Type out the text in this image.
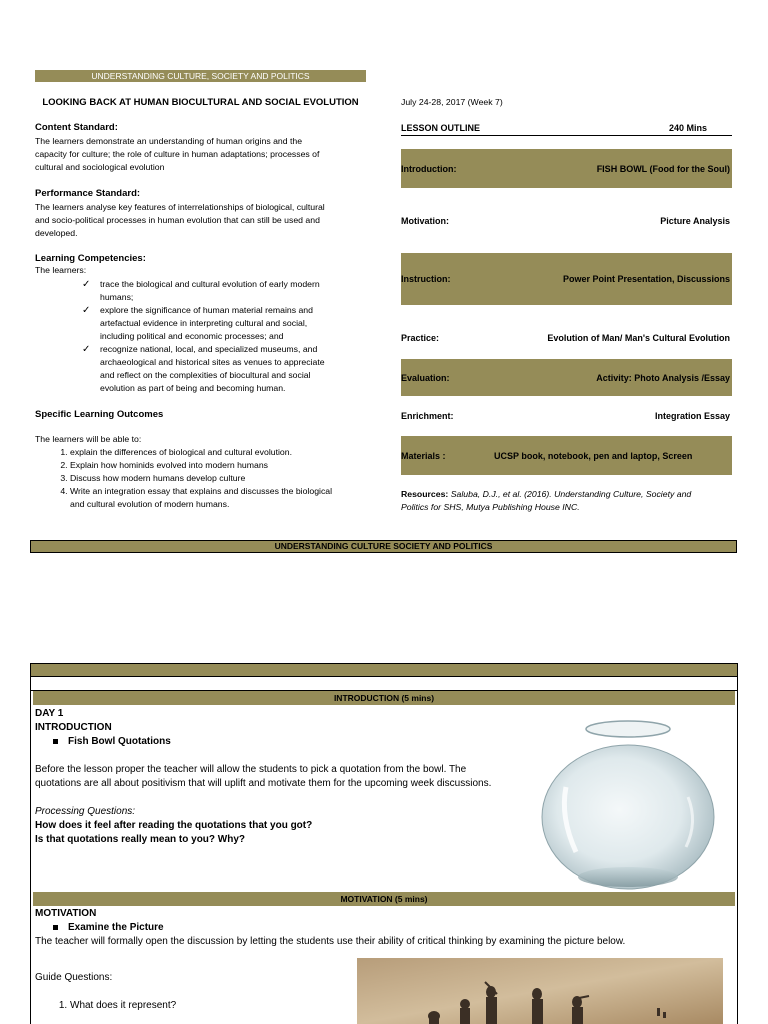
UNDERSTANDING CULTURE, SOCIETY AND POLITICS
LOOKING BACK AT HUMAN BIOCULTURAL AND SOCIAL EVOLUTION
Content Standard:
The learners demonstrate an understanding of human origins and the
capacity for culture; the role of culture in human adaptations; processes of
cultural and sociological evolution
Performance Standard:
The learners analyse key features of interrelationships of biological, cultural
and socio-political processes in human evolution that can still be used and
developed.
Learning Competencies:
The learners:
✓ trace the biological and cultural evolution of early modern
humans;
✓ explore the significance of human material remains and
artefactual evidence in interpreting cultural and social,
including political and economic processes; and
✓ recognize national, local, and specialized museums, and
archaeological and historical sites as venues to appreciate
and reflect on the complexities of biocultural and social
evolution as part of being and becoming human.
Specific Learning Outcomes
The learners will be able to:
1. explain the differences of biological and cultural evolution.
2. Explain how hominids evolved into modern humans
3. Discuss how modern humans develop culture
4. Write an integration essay that explains and discusses the biological
and cultural evolution of modern humans.
July 24-28, 2017 (Week 7)
LESSON OUTLINE	240 Mins
Introduction:	FISH BOWL (Food for the Soul)
Motivation:	Picture Analysis
Instruction:	Power Point Presentation, Discussions
Practice:	Evolution of Man/ Man's Cultural Evolution
Evaluation:	Activity: Photo Analysis /Essay
Enrichment:	Integration Essay
Materials :	UCSP book, notebook, pen and laptop, Screen
Resources: Saluba, D.J., et al. (2016). Understanding Culture, Society and
Politics for SHS, Mutya Publishing House INC.
UNDERSTANDING CULTURE SOCIETY AND POLITICS
INTRODUCTION (5 mins)
DAY 1
INTRODUCTION
Fish Bowl Quotations
Before the lesson proper the teacher will allow the students to pick a quotation from the bowl. The
quotations are all about positivism that will uplift and motivate them for the upcoming week discussions.
Processing Questions:
How does it feel after reading the quotations that you got?
Is that quotations really mean to you? Why?
MOTIVATION (5 mins)
MOTIVATION
Examine the Picture
The teacher will formally open the discussion by letting the students use their ability of critical thinking by examining the picture below.
Guide Questions:
1. What does it represent?
